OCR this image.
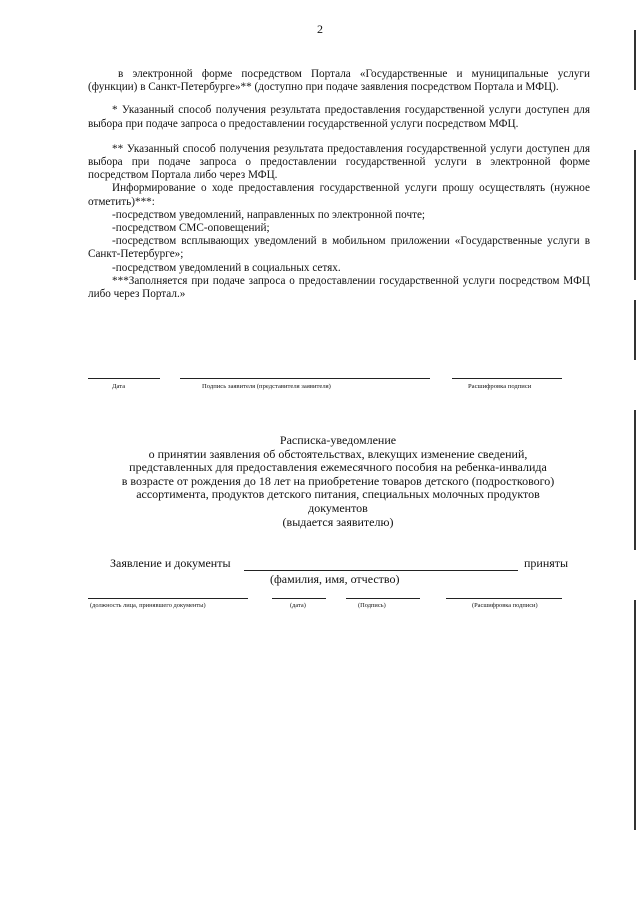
2

в электронной форме посредством Портала «Государственные и муниципальные услуги (функции) в Санкт-Петербурге»** (доступно при подаче заявления посредством Портала и МФЦ).

* Указанный способ получения результата предоставления государственной услуги доступен для выбора при подаче запроса о предоставлении государственной услуги посредством МФЦ.

** Указанный способ получения результата предоставления государственной услуги доступен для выбора при подаче запроса о предоставлении государственной услуги в электронной форме посредством Портала либо через МФЦ.

Информирование о ходе предоставления государственной услуги прошу осуществлять (нужное отметить)***:

-посредством уведомлений, направленных по электронной почте;

-посредством СМС-оповещений;

-посредством всплывающих уведомлений в мобильном приложении «Государственные услуги в Санкт-Петербурге»;

-посредством уведомлений в социальных сетях.

***Заполняется при подаче запроса о предоставлении государственной услуги посредством МФЦ либо через Портал.»

Дата	Подпись заявителя (представителя заявителя)	Расшифровка подписи

Расписка-уведомление

о принятии заявления об обстоятельствах, влекущих изменение сведений,

представленных для предоставления ежемесячного пособия на ребенка-инвалида

в возрасте от рождения до 18 лет на приобретение товаров детского (подросткового)

ассортимента, продуктов детского питания, специальных молочных продуктов

документов

(выдается заявителю)

Заявление и документы	приняты
(фамилия, имя, отчество)
(должность лица, принявшего документы)	(дата)	(Подпись)	(Расшифровка подписи)
